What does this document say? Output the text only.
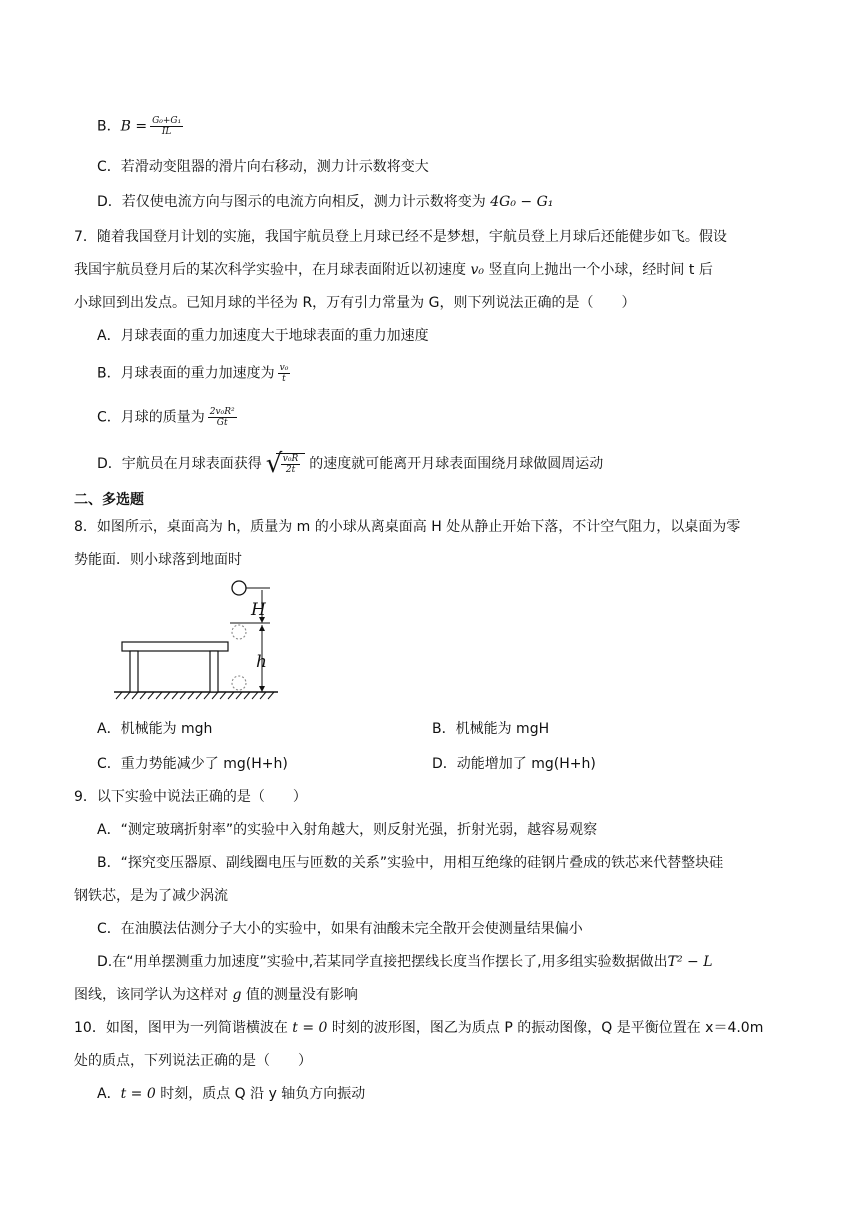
B．$B = \frac{\text{G₀+G₁}}{IL}$
C．若滑动变阻器的滑片向右移动，测力计示数将变大
D．若仅使电流方向与图示的电流方向相反，测力计示数将变为 4G₀ − G₁
7．随着我国登月计划的实施，我国宇航员登上月球已经不是梦想，宇航员登上月球后还能健步如飞。假设
我国宇航员登月后的某次科学实验中，在月球表面附近以初速度 v₀ 竖直向上抛出一个小球，经时间 t 后
小球回到出发点。已知月球的半径为 R，万有引力常量为 G，则下列说法正确的是（　　）
A．月球表面的重力加速度大于地球表面的重力加速度
B．月球表面的重力加速度为 $\frac{\text{v₀}}{t}$
C．月球的质量为 $\frac{\text{2v₀R²}}{Gt}$
D．宇航员在月球表面获得 √
$\frac{\text{v₀R}}{2t}$ 的速度就可能离开月球表面围绕月球做圆周运动
二、多选题
8．如图所示，桌面高为 h，质量为 m 的小球从离桌面高 H 处从静止开始下落，不计空气阻力，以桌面为零
势能面．则小球落到地面时
H
h
A．机械能为 mgh	B．机械能为 mgH
C．重力势能减少了 mg(H+h)	D．动能增加了 mg(H+h)
9．以下实验中说法正确的是（　　）
A．“测定玻璃折射率”的实验中入射角越大，则反射光强，折射光弱，越容易观察
B．“探究变压器原、副线圈电压与匝数的关系”实验中，用相互绝缘的硅钢片叠成的铁芯来代替整块硅
钢铁芯，是为了减少涡流
C．在油膜法估测分子大小的实验中，如果有油酸未完全散开会使测量结果偏小
D.在“用单摆测重力加速度”实验中,若某同学直接把摆线长度当作摆长了,用多组实验数据做出T² − L
图线，该同学认为这样对 g 值的测量没有影响
10．如图，图甲为一列简谐横波在 t = 0 时刻的波形图，图乙为质点 P 的振动图像，Q 是平衡位置在 x＝4.0m
处的质点，下列说法正确的是（　　）
A．t = 0 时刻，质点 Q 沿 y 轴负方向振动
